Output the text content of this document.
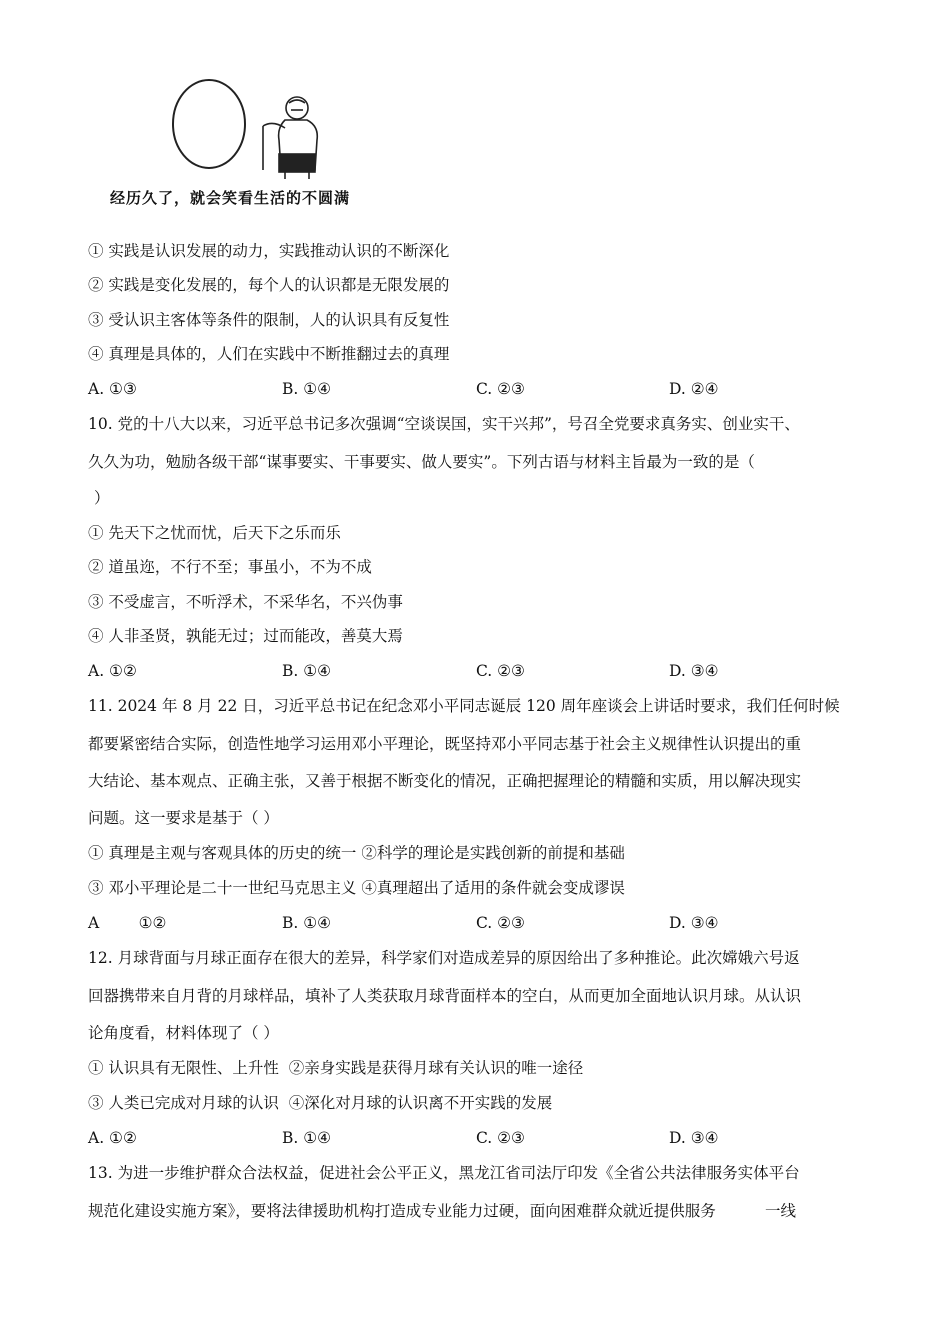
经历久了，就会笑看生活的不圆满
① 实践是认识发展的动力，实践推动认识的不断深化
② 实践是变化发展的，每个人的认识都是无限发展的
③ 受认识主客体等条件的限制，人的认识具有反复性
④ 真理是具体的，人们在实践中不断推翻过去的真理
A. ①③	B. ①④	C. ②③	D. ②④
10. 党的十八大以来，习近平总书记多次强调“空谈误国，实干兴邦”，号召全党要求真务实、创业实干、
久久为功，勉励各级干部“谋事要实、干事要实、做人要实”。下列古语与材料主旨最为一致的是（
）
① 先天下之忧而忧，后天下之乐而乐
② 道虽迩，不行不至；事虽小，不为不成
③ 不受虚言，不听浮术，不采华名，不兴伪事
④ 人非圣贤，孰能无过；过而能改，善莫大焉
A. ①②	B. ①④	C. ②③	D. ③④
11. 2024 年 8 月 22 日，习近平总书记在纪念邓小平同志诞辰 120 周年座谈会上讲话时要求，我们任何时候
都要紧密结合实际，创造性地学习运用邓小平理论，既坚持邓小平同志基于社会主义规律性认识提出的重
大结论、基本观点、正确主张，又善于根据不断变化的情况，正确把握理论的精髓和实质，用以解决现实
问题。这一要求是基于（ ）
① 真理是主观与客观具体的历史的统一 ②科学的理论是实践创新的前提和基础
③ 邓小平理论是二十一世纪马克思主义 ④真理超出了适用的条件就会变成谬误
A        ①②	B. ①④	C. ②③	D. ③④
12. 月球背面与月球正面存在很大的差异，科学家们对造成差异的原因给出了多种推论。此次嫦娥六号返
回器携带来自月背的月球样品，填补了人类获取月球背面样本的空白，从而更加全面地认识月球。从认识
论角度看，材料体现了（ ）
① 认识具有无限性、上升性  ②亲身实践是获得月球有关认识的唯一途径
③ 人类已完成对月球的认识  ④深化对月球的认识离不开实践的发展
A. ①②	B. ①④	C. ②③	D. ③④
13. 为进一步维护群众合法权益，促进社会公平正义，黑龙江省司法厅印发《全省公共法律服务实体平台
规范化建设实施方案》，要将法律援助机构打造成专业能力过硬，面向困难群众就近提供服务          一线
